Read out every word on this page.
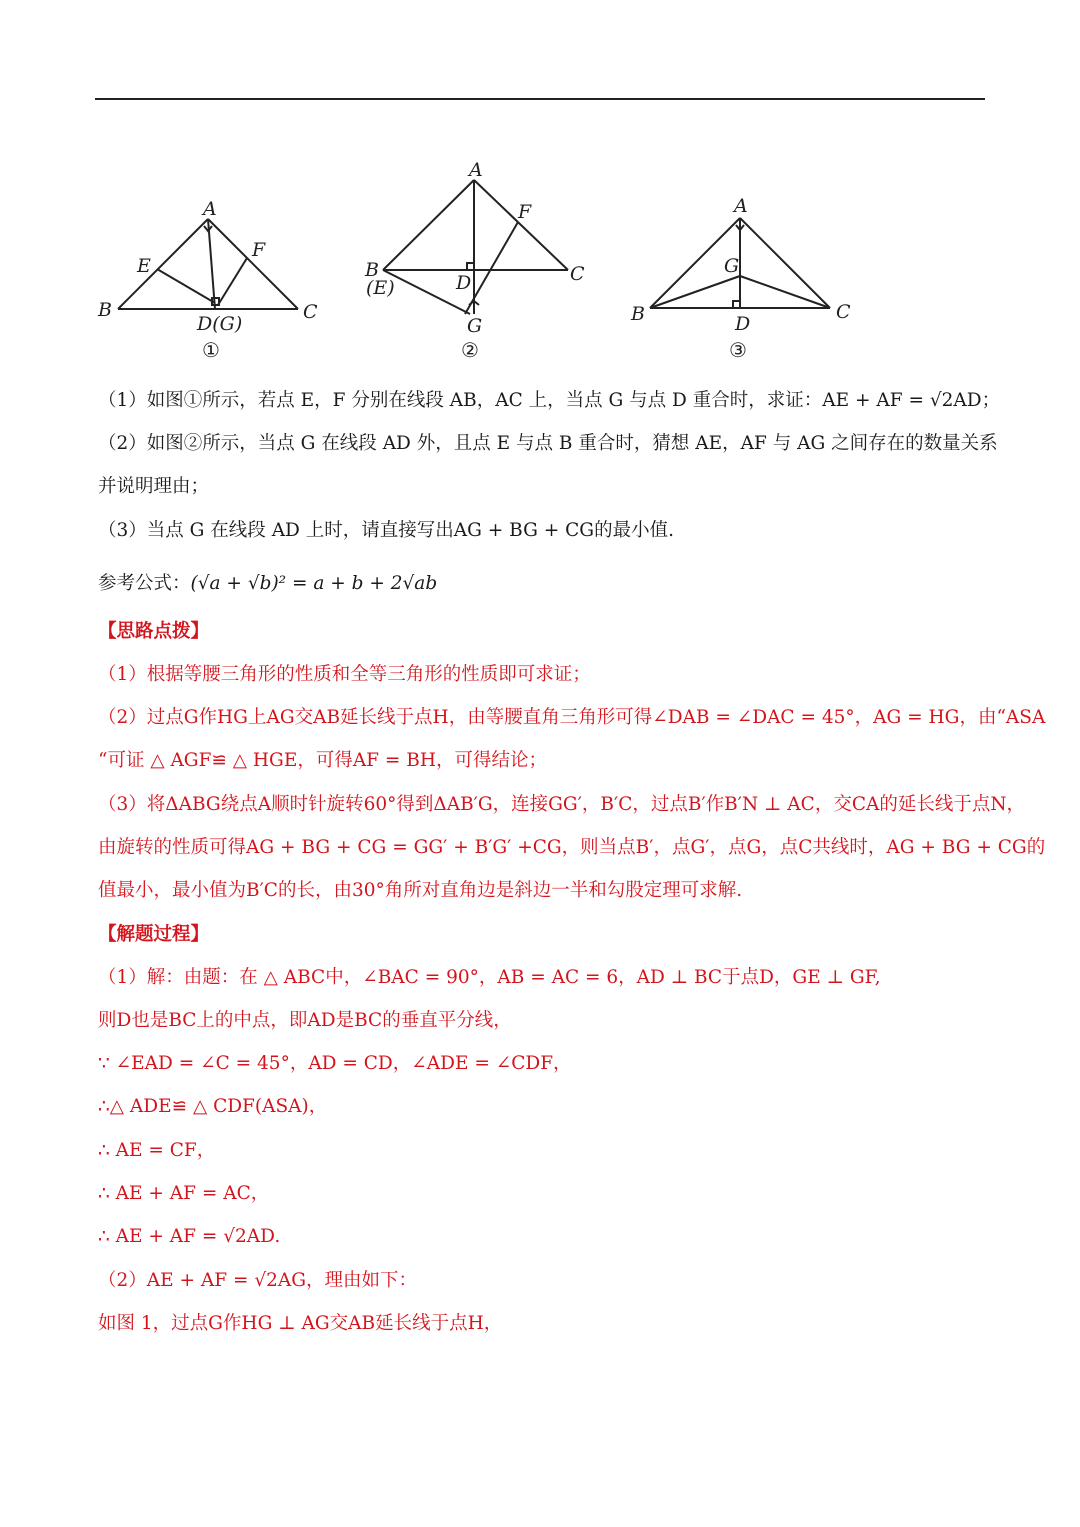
A
B	C
E
F
D(G)
①
A
B
(E)
C
D
F
G
②
A
B	C
D
G
③
（1）如图①所示，若点 E，F 分别在线段 AB，AC 上，当点 G 与点 D 重合时，求证：AE + AF = √2AD；
（2）如图②所示，当点 G 在线段 AD 外，且点 E 与点 B 重合时，猜想 AE，AF 与 AG 之间存在的数量关系
并说明理由；
（3）当点 G 在线段 AD 上时，请直接写出AG + BG + CG的最小值.
参考公式：(√a + √b)² = a + b + 2√ab
【思路点拨】
（1）根据等腰三角形的性质和全等三角形的性质即可求证；
（2）过点G作HG上AG交AB延长线于点H，由等腰直角三角形可得∠DAB = ∠DAC = 45°，AG = HG，由“ASA
“可证 △ AGF≌ △ HGE，可得AF = BH，可得结论；
（3）将ΔABG绕点A顺时针旋转60°得到ΔAB′G，连接GG′，B′C，过点B′作B′N ⊥ AC，交CA的延长线于点N，
由旋转的性质可得AG + BG + CG = GG′ + B′G′ +CG，则当点B′，点G′，点G，点C共线时，AG + BG + CG的
值最小，最小值为B′C的长，由30°角所对直角边是斜边一半和勾股定理可求解.
【解题过程】
（1）解：由题：在 △ ABC中，∠BAC = 90°，AB = AC = 6，AD ⊥ BC于点D，GE ⊥ GF,
则D也是BC上的中点，即AD是BC的垂直平分线，
∵ ∠EAD = ∠C = 45°，AD = CD，∠ADE = ∠CDF，
∴△ ADE≌ △ CDF(ASA)，
∴ AE = CF，
∴ AE + AF = AC，
∴ AE + AF = √2AD.
（2）AE + AF = √2AG，理由如下：
如图 1，过点G作HG ⊥ AG交AB延长线于点H，
